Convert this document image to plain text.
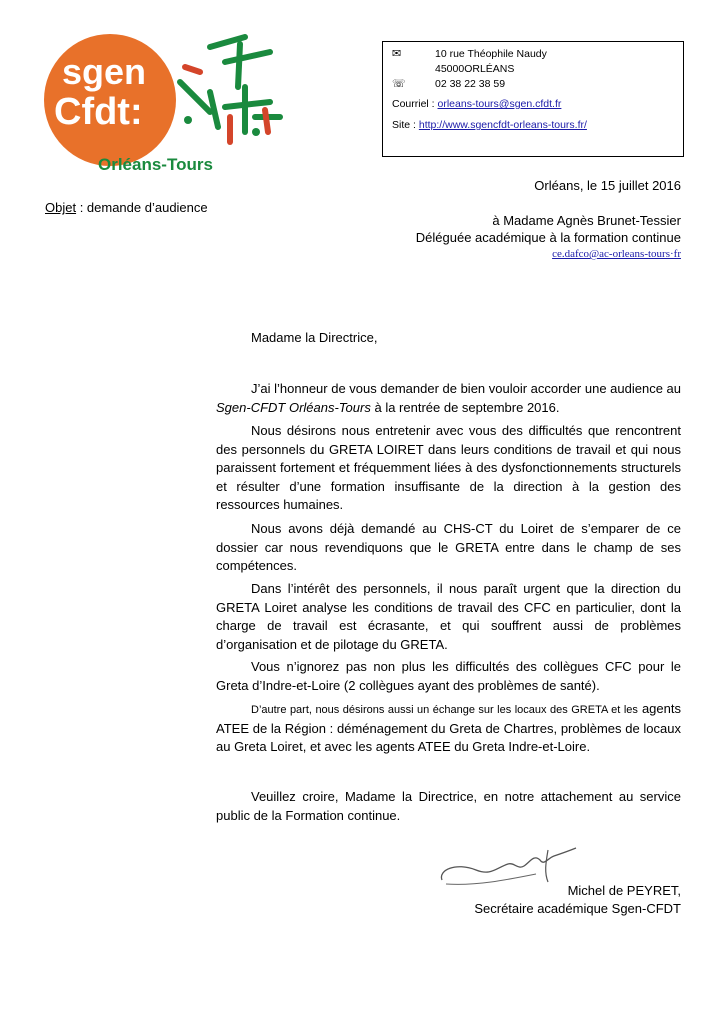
sgen
Cfdt:
Orléans-Tours
✉	10 rue Théophile Naudy
45000ORLÉANS
☏	02 38 22 38 59
Courriel : orleans-tours@sgen.cfdt.fr
Site : http://www.sgencfdt-orleans-tours.fr/
Orléans, le 15 juillet 2016
Objet : demande d’audience
à Madame Agnès Brunet-Tessier
Déléguée académique à la formation continue
ce.dafco@ac-orleans-tours·fr
Madame la Directrice,

J’ai l’honneur de vous demander de bien vouloir accorder une audience au Sgen-CFDT Orléans-Tours à la rentrée de septembre 2016.

Nous désirons nous entretenir avec vous des difficultés que rencontrent des personnels du GRETA LOIRET dans leurs conditions de travail et qui nous paraissent fortement et fréquemment liées à des dysfonctionnements structurels et résulter d’une formation insuffisante de la direction à la gestion des ressources humaines.

Nous avons déjà demandé au CHS-CT du Loiret de s’emparer de ce dossier car nous revendiquons que le GRETA entre dans le champ de ses compétences.

Dans l’intérêt des personnels, il nous paraît urgent que la direction du GRETA Loiret analyse les conditions de travail des CFC en particulier, dont la charge de travail est écrasante, et qui souffrent aussi de problèmes d’organisation et de pilotage du GRETA.

Vous n’ignorez pas non plus les difficultés des collègues CFC pour le Greta d’Indre-et-Loire (2 collègues ayant des problèmes de santé).

D’autre part, nous désirons aussi un échange sur les locaux des GRETA et les agents ATEE de la Région : déménagement du Greta de Chartres, problèmes de locaux au Greta Loiret, et avec les agents ATEE du Greta Indre-et-Loire.

Veuillez croire, Madame la Directrice, en notre attachement au service public de la Formation continue.

Michel de PEYRET,
Secrétaire académique Sgen-CFDT
